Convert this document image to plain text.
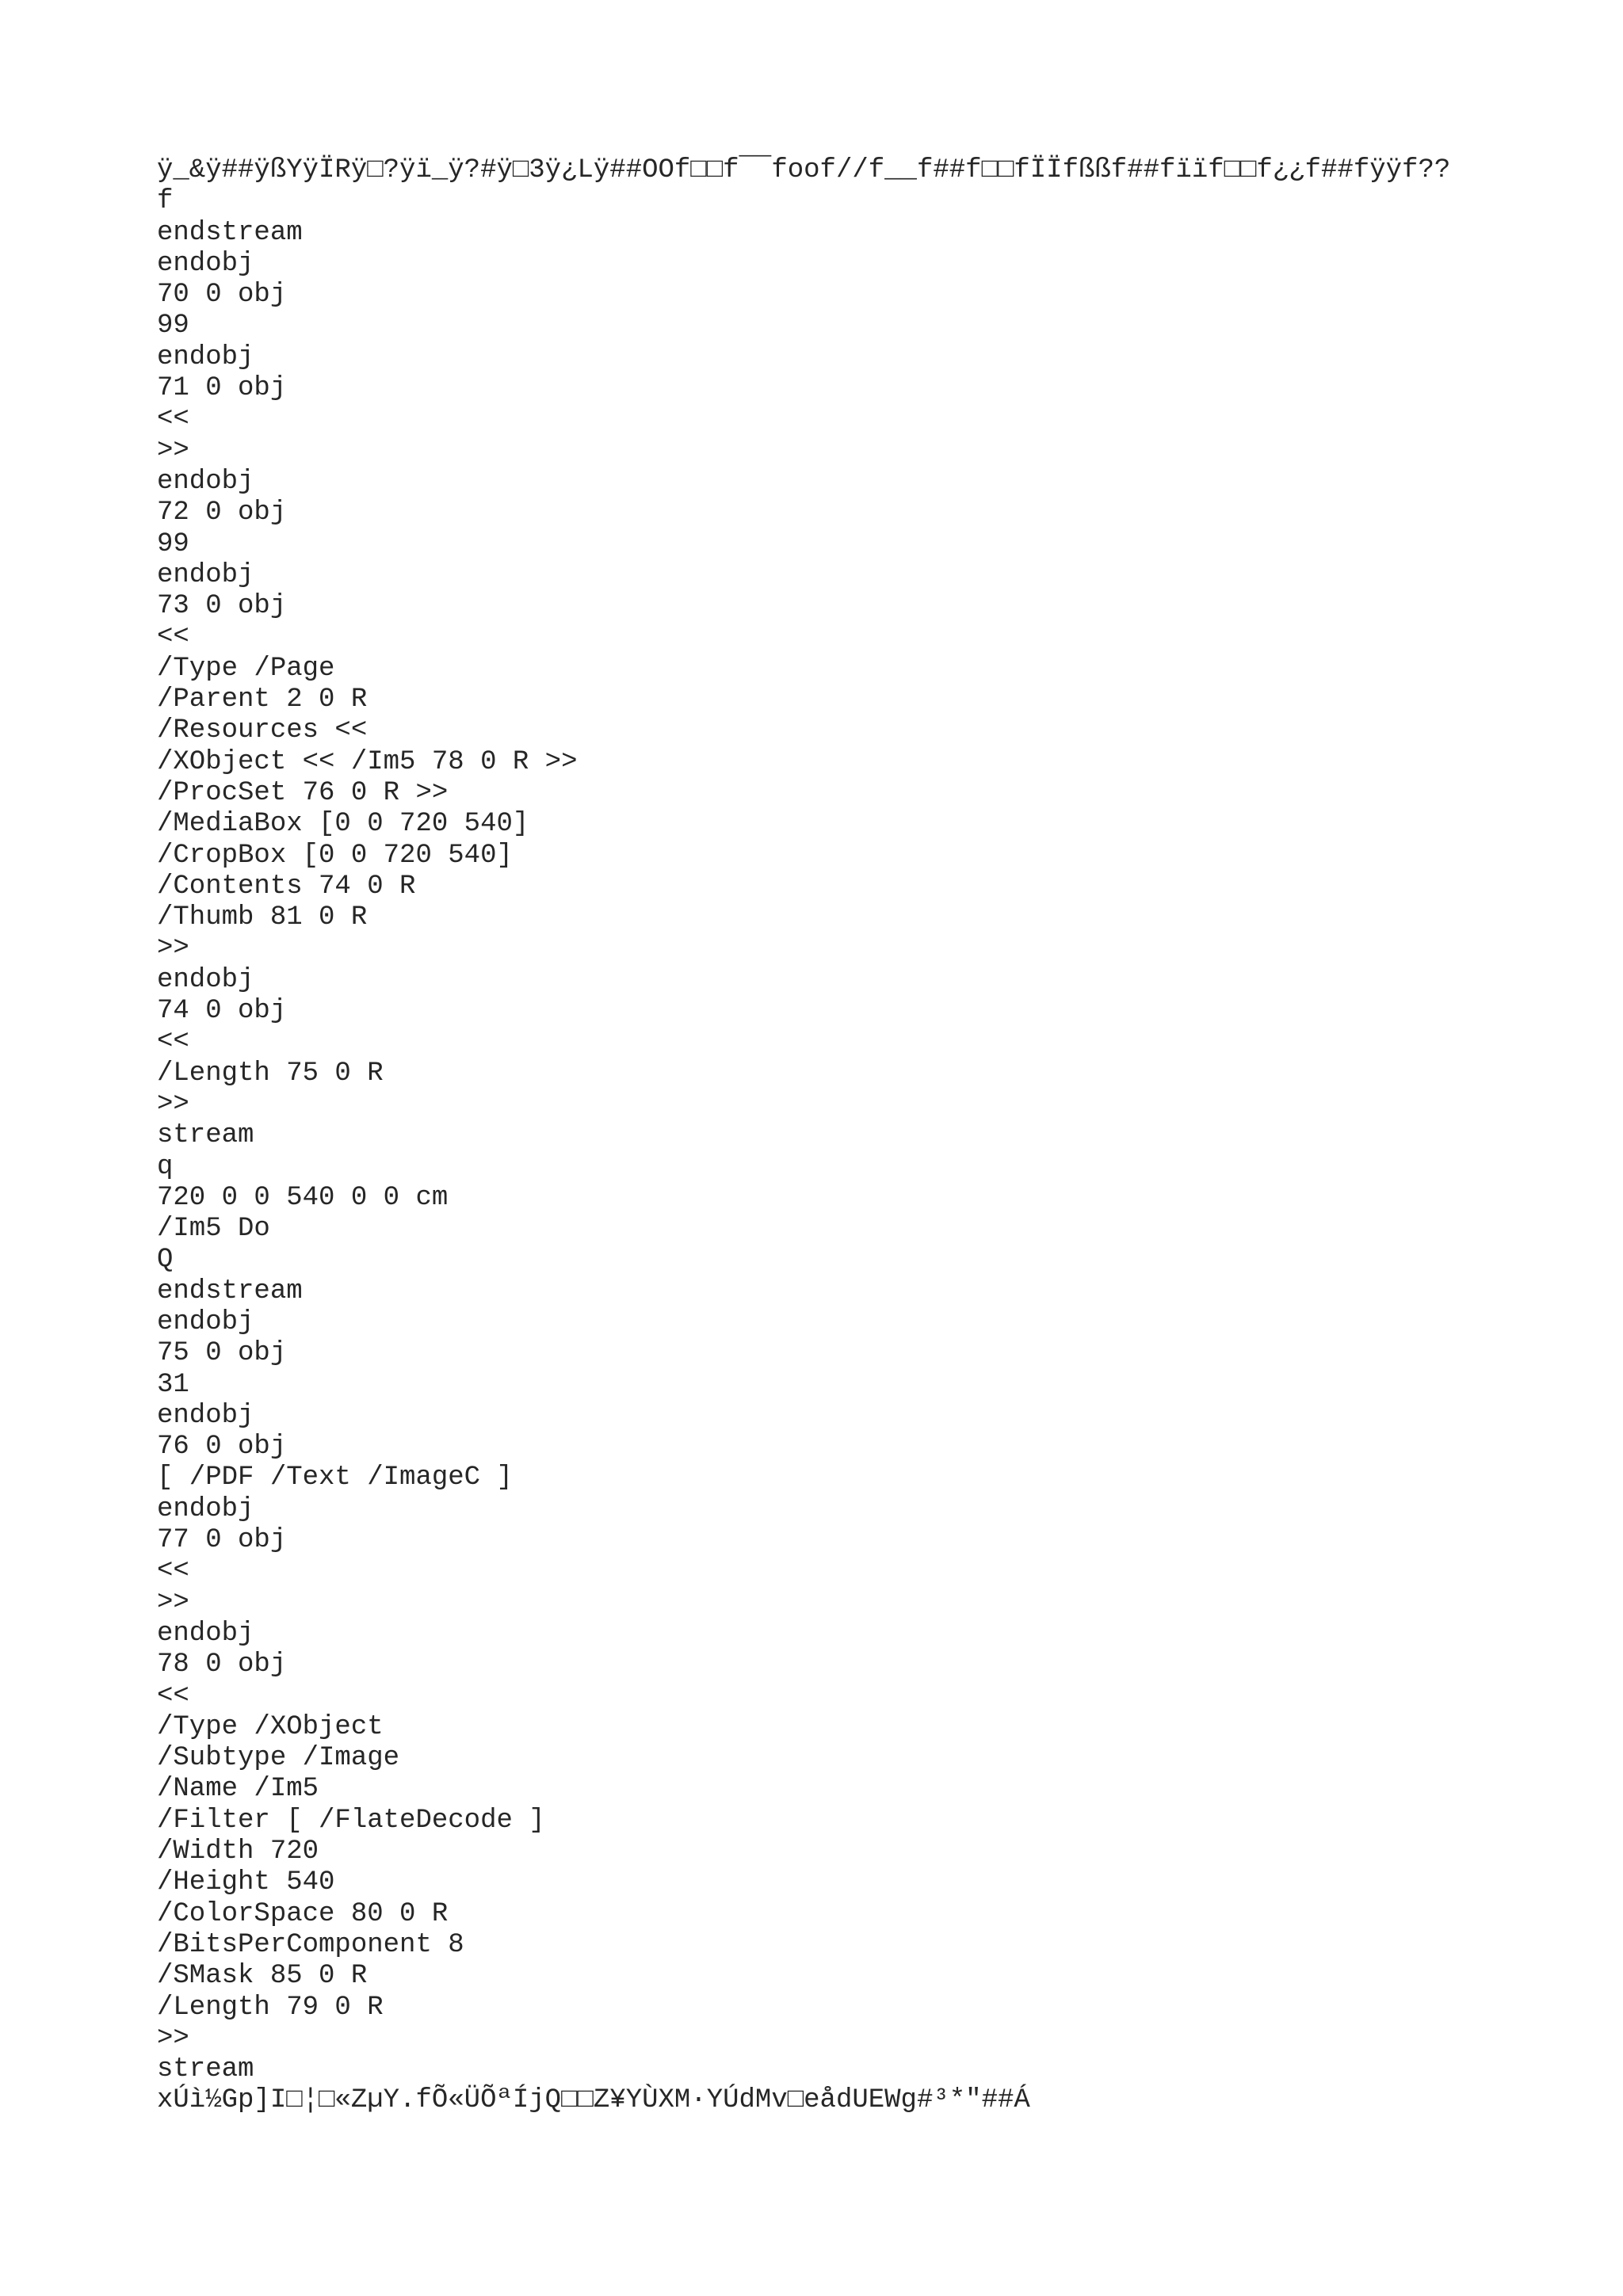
ÿ_&ÿ##ÿßYÿÏRÿ□?ÿï_ÿ?#ÿ□3ÿ¿Lÿ##OOf□□f¯¯foof//f__f##f□□fÏÏfßßf##fïïf□□f¿¿f##fÿÿf??
f
endstream
endobj
70 0 obj
99
endobj
71 0 obj
<<
>>
endobj
72 0 obj
99
endobj
73 0 obj
<<
/Type /Page
/Parent 2 0 R
/Resources <<
/XObject << /Im5 78 0 R >>
/ProcSet 76 0 R >>
/MediaBox [0 0 720 540]
/CropBox [0 0 720 540]
/Contents 74 0 R
/Thumb 81 0 R
>>
endobj
74 0 obj
<<
/Length 75 0 R
>>
stream
q
720 0 0 540 0 0 cm
/Im5 Do
Q
endstream
endobj
75 0 obj
31
endobj
76 0 obj
[ /PDF /Text /ImageC ]
endobj
77 0 obj
<<
>>
endobj
78 0 obj
<<
/Type /XObject
/Subtype /Image
/Name /Im5
/Filter [ /FlateDecode ]
/Width 720
/Height 540
/ColorSpace 80 0 R
/BitsPerComponent 8
/SMask 85 0 R
/Length 79 0 R
>>
stream
xÚì½Gp]I□¦□«ZµY.fÕ«ÜÕªÍjQ□□Z¥YÙXM·YÚdMv□eådUEWg#³*"##Á
